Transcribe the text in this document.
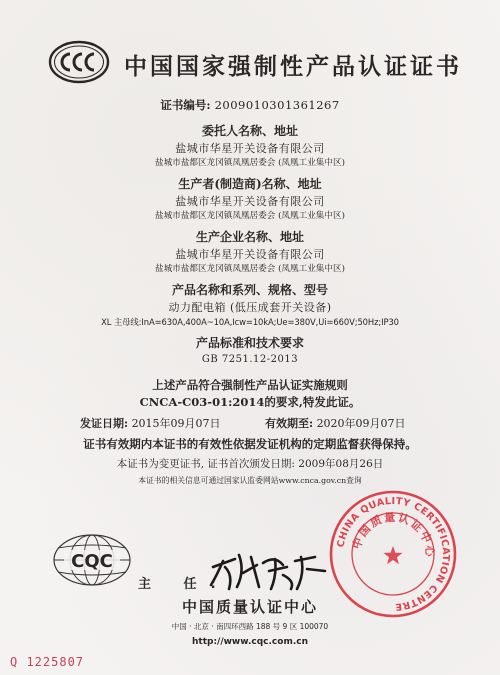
中国国家强制性产品认证证书
证书编号: 2009010301361267
委托人名称、地址
盐城市华星开关设备有限公司
盐城市盐都区龙冈镇凤凰居委会 (凤凰工业集中区)
生产者(制造商)名称、地址
盐城市华星开关设备有限公司
盐城市盐都区龙冈镇凤凰居委会 (凤凰工业集中区)
生产企业名称、地址
盐城市华星开关设备有限公司
盐城市盐都区龙冈镇凤凰居委会 (凤凰工业集中区)
产品名称和系列、规格、型号
动力配电箱 (低压成套开关设备)
XL 主母线:InA=630A,400A~10A,Icw=10kA;Ue=380V,Ui=660V;50Hz;IP30
产品标准和技术要求
GB 7251.12-2013
上述产品符合强制性产品认证实施规则
CNCA-C03-01:2014的要求,特发此证。
发证日期: 2015年09月07日	有效期至: 2020年09月07日
证书有效期内本证书的有效性依据发证机构的定期监督获得保持。
本证书为变更证书, 证书首次颁发日期: 2009年08月26日
本证书的相关信息可通过国家认监委网站www.cnca.gov.cn查询
CQC
CHINA QUALITY CERTIFICATION CENTRE
中国质量认证中心
主 任:
中国质量认证中心
中国 · 北京 · 南四环西路 188 号 9 区 100070
http://www.cqc.com.cn
Q 1225807
